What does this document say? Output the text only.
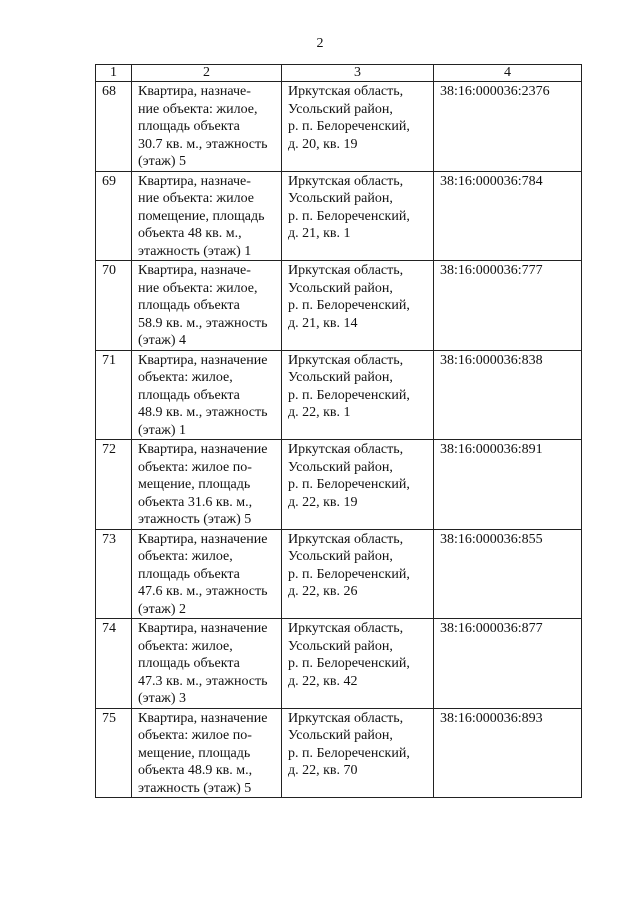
2
1	2	3	4
68	Квартира, назначе-
ние объекта: жилое,
площадь объекта
30.7 кв. м., этажность
(этаж) 5	Иркутская область,
Усольский район,
р. п. Белореченский,
д. 20, кв. 19	38:16:000036:2376
69	Квартира, назначе-
ние объекта: жилое
помещение, площадь
объекта 48 кв. м.,
этажность (этаж) 1	Иркутская область,
Усольский район,
р. п. Белореченский,
д. 21, кв. 1	38:16:000036:784
70	Квартира, назначе-
ние объекта: жилое,
площадь объекта
58.9 кв. м., этажность
(этаж) 4	Иркутская область,
Усольский район,
р. п. Белореченский,
д. 21, кв. 14	38:16:000036:777
71	Квартира, назначение
объекта: жилое,
площадь объекта
48.9 кв. м., этажность
(этаж) 1	Иркутская область,
Усольский район,
р. п. Белореченский,
д. 22, кв. 1	38:16:000036:838
72	Квартира, назначение
объекта: жилое по-
мещение, площадь
объекта 31.6 кв. м.,
этажность (этаж) 5	Иркутская область,
Усольский район,
р. п. Белореченский,
д. 22, кв. 19	38:16:000036:891
73	Квартира, назначение
объекта: жилое,
площадь объекта
47.6 кв. м., этажность
(этаж) 2	Иркутская область,
Усольский район,
р. п. Белореченский,
д. 22, кв. 26	38:16:000036:855
74	Квартира, назначение
объекта: жилое,
площадь объекта
47.3 кв. м., этажность
(этаж) 3	Иркутская область,
Усольский район,
р. п. Белореченский,
д. 22, кв. 42	38:16:000036:877
75	Квартира, назначение
объекта: жилое по-
мещение, площадь
объекта 48.9 кв. м.,
этажность (этаж) 5	Иркутская область,
Усольский район,
р. п. Белореченский,
д. 22, кв. 70	38:16:000036:893
